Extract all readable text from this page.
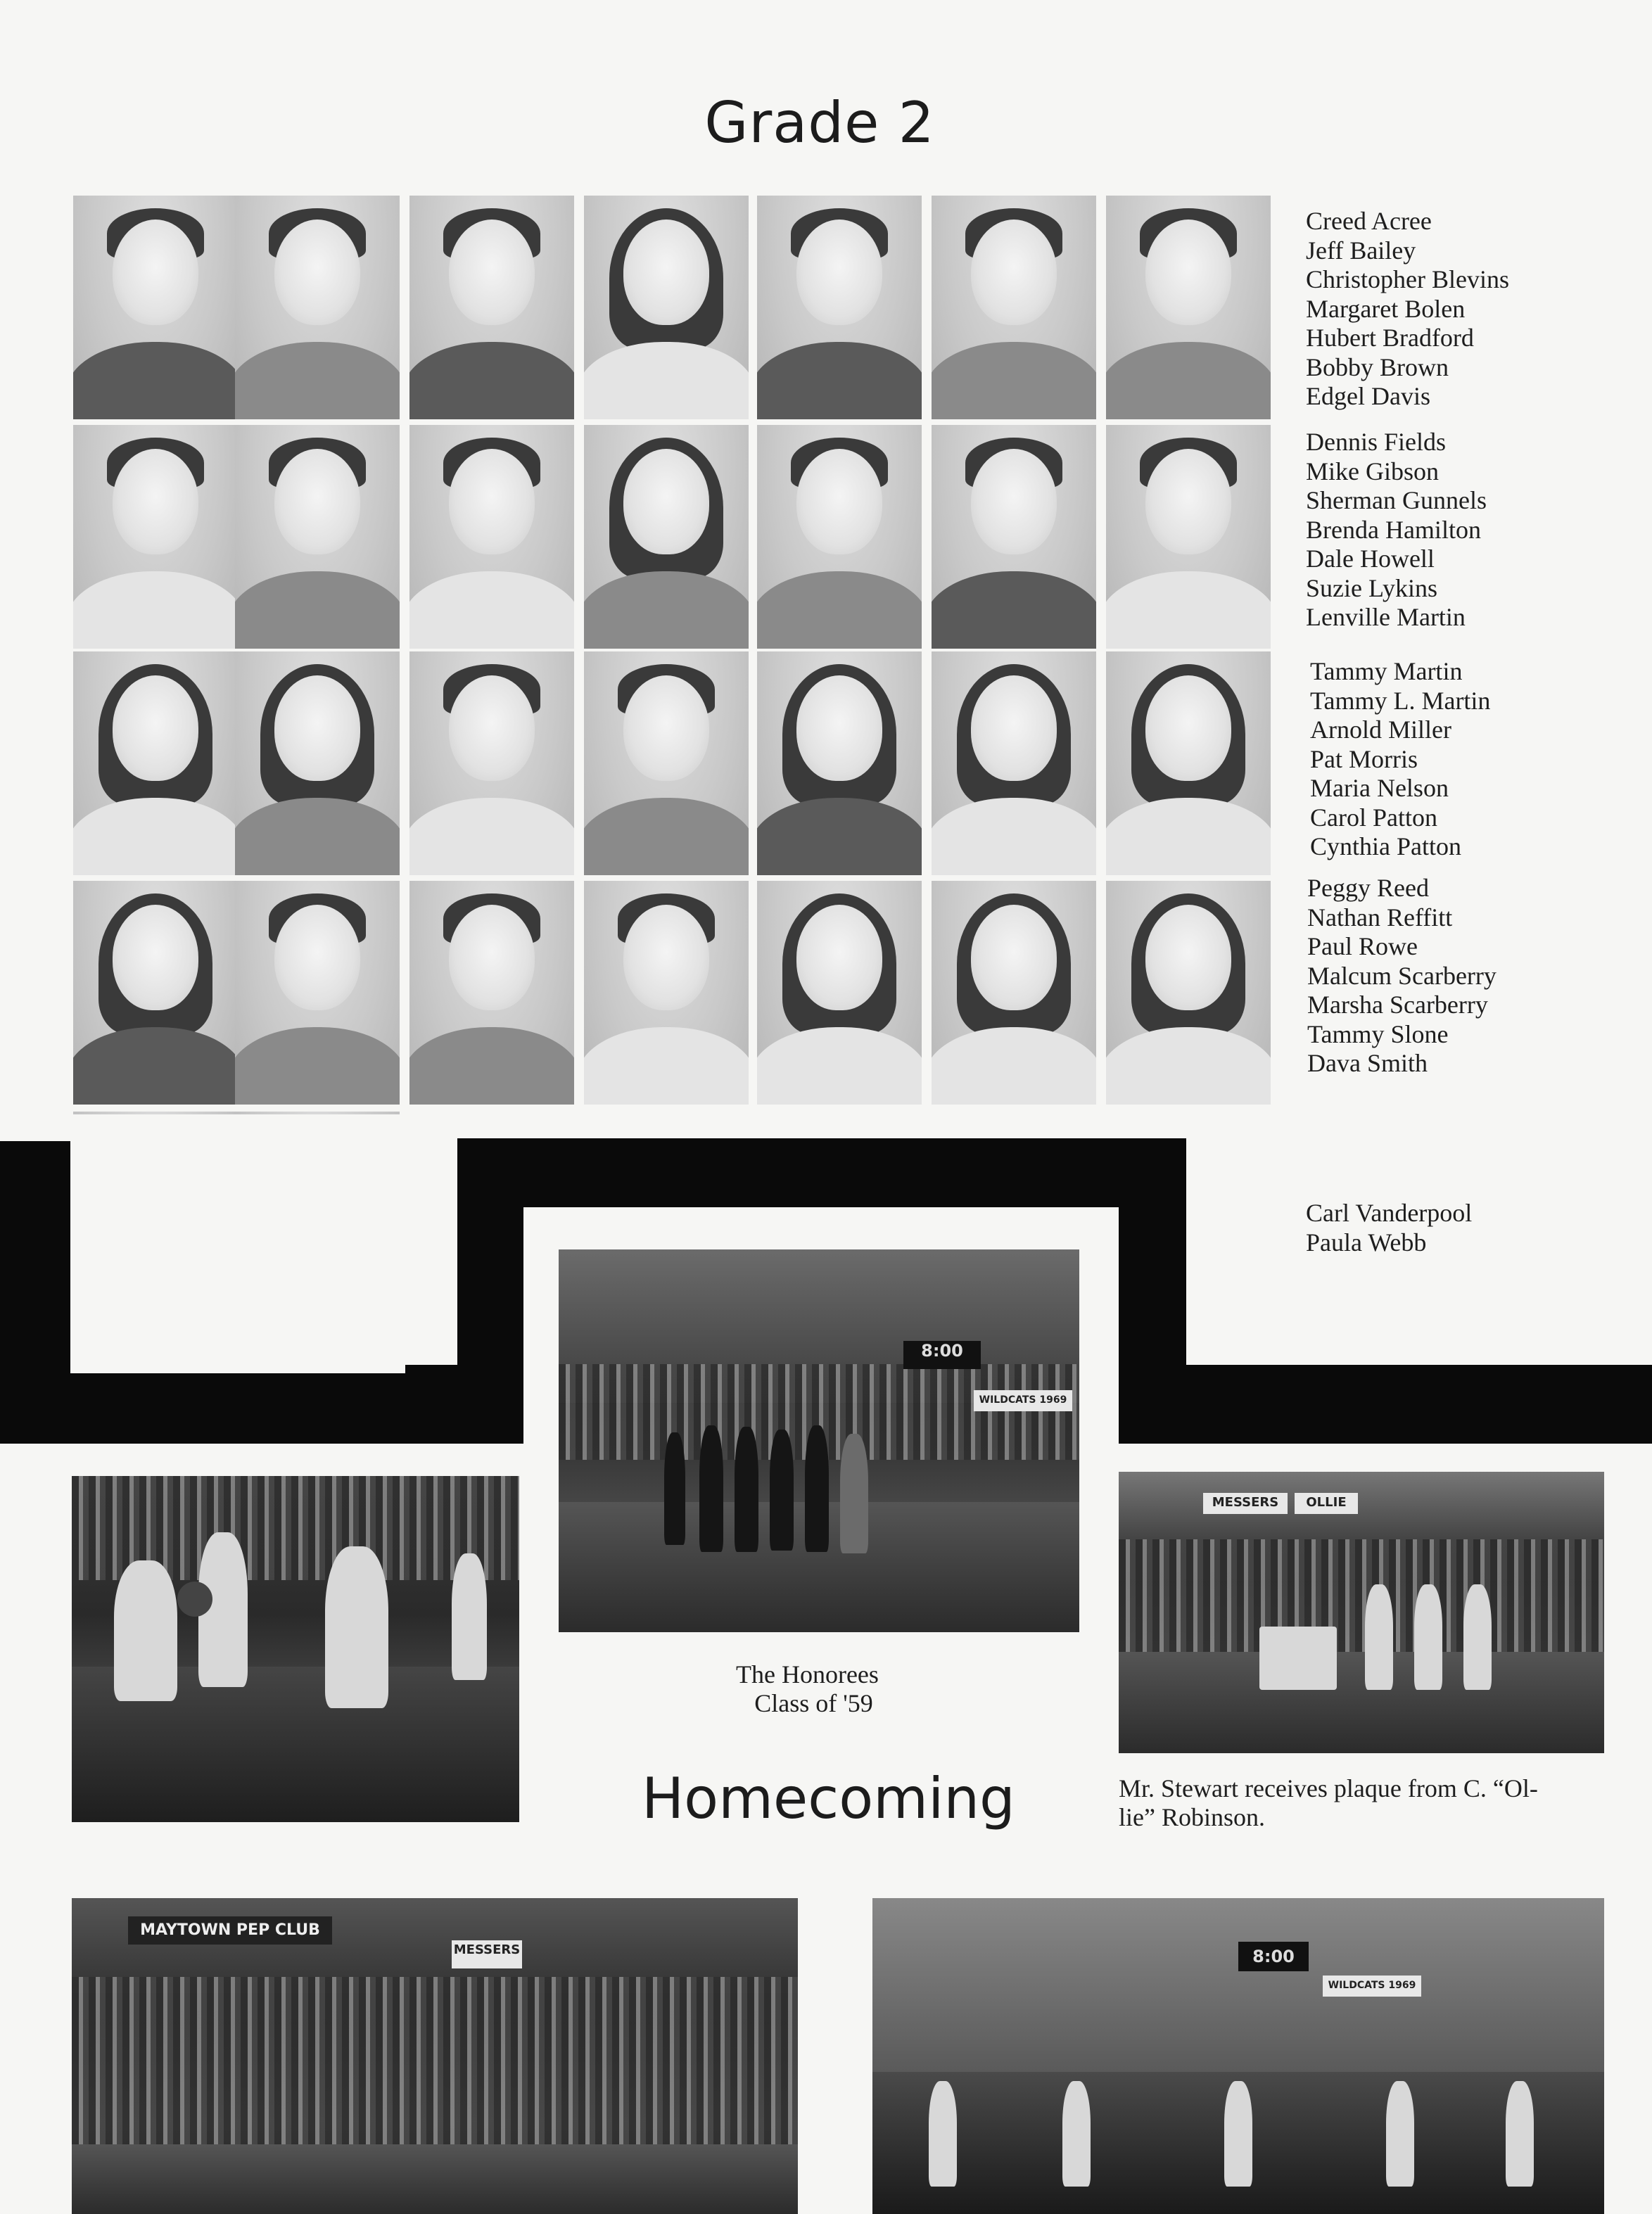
Grade 2
Creed Acree
Jeff Bailey
Christopher Blevins
Margaret Bolen
Hubert Bradford
Bobby Brown
Edgel Davis
Dennis Fields
Mike Gibson
Sherman Gunnels
Brenda Hamilton
Dale Howell
Suzie Lykins
Lenville Martin
Tammy Martin
Tammy L. Martin
Arnold Miller
Pat Morris
Maria Nelson
Carol Patton
Cynthia Patton
Peggy Reed
Nathan Reffitt
Paul Rowe
Malcum Scarberry
Marsha Scarberry
Tammy Slone
Dava Smith
Carl Vanderpool
Paula Webb
8:00
WILDCATS 1969
The Honorees
Class of '59
MESSERS	OLLIE
Mr. Stewart receives plaque from C. “Ol-
lie” Robinson.
Homecoming
MAYTOWN PEP CLUB
MESSERS	8:00
WILDCATS 1969
